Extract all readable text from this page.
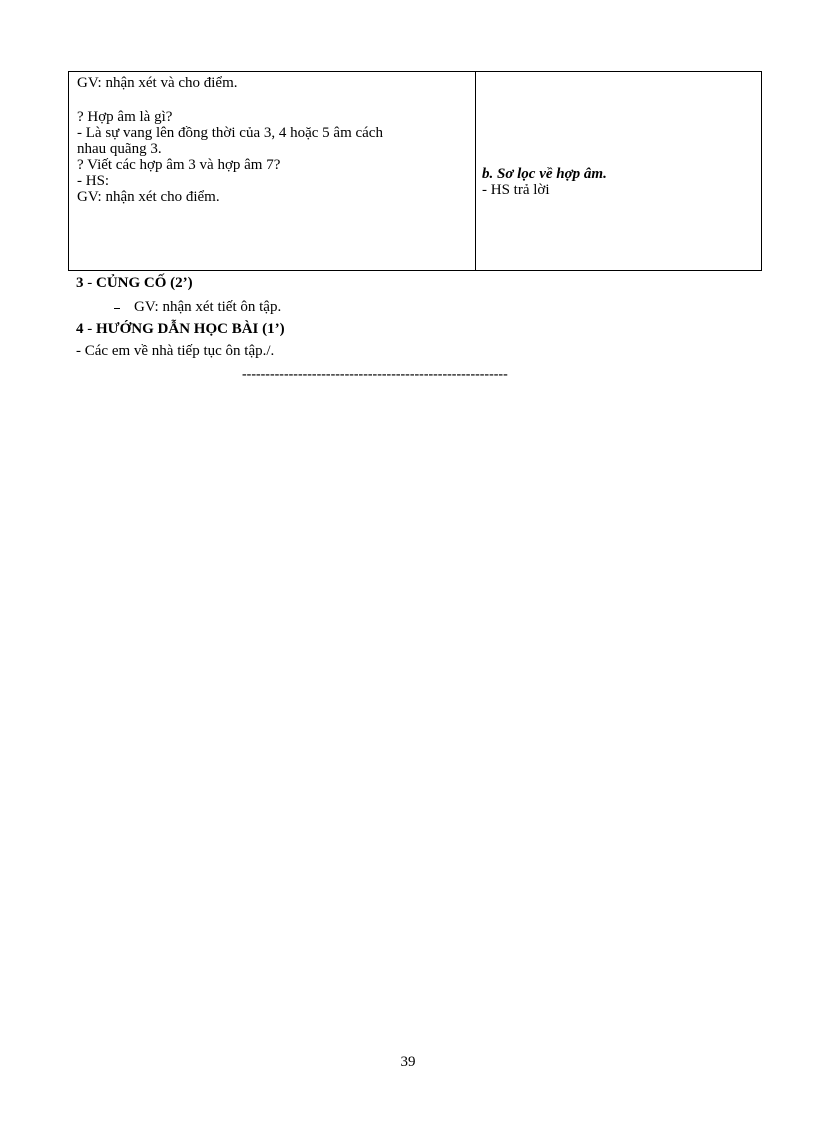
GV: nhận xét và cho điểm.
? Hợp âm là gì?
- Là sự vang lên đồng thời của 3, 4 hoặc 5 âm cách
nhau quãng 3.
? Viết các hợp âm 3 và hợp âm 7?
- HS:
GV: nhận xét cho điểm.
b. Sơ lọc về hợp âm.
- HS trả lời
3 - CỦNG CỐ (2’)
GV: nhận xét tiết ôn tập.
4 - HƯỚNG DẪN HỌC BÀI (1’)
- Các em về nhà tiếp tục ôn tập./.
---------------------------------------------------------
39
